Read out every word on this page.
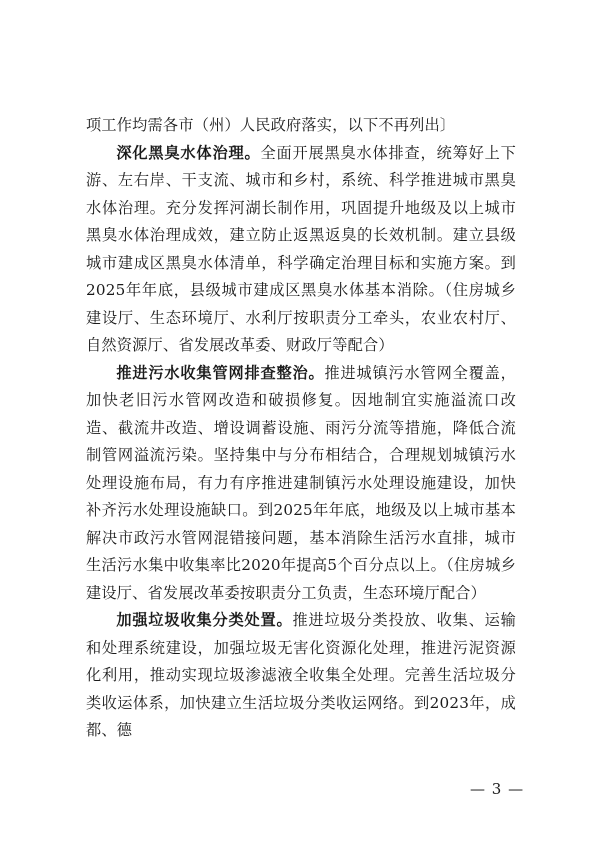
项工作均需各市（州）人民政府落实，以下不再列出〕

深化黑臭水体治理。全面开展黑臭水体排查，统筹好上下游、左右岸、干支流、城市和乡村，系统、科学推进城市黑臭水体治理。充分发挥河湖长制作用，巩固提升地级及以上城市黑臭水体治理成效，建立防止返黑返臭的长效机制。建立县级城市建成区黑臭水体清单，科学确定治理目标和实施方案。到2025年年底，县级城市建成区黑臭水体基本消除。（住房城乡建设厅、生态环境厅、水利厅按职责分工牵头，农业农村厅、自然资源厅、省发展改革委、财政厅等配合）

推进污水收集管网排查整治。推进城镇污水管网全覆盖，加快老旧污水管网改造和破损修复。因地制宜实施溢流口改造、截流井改造、增设调蓄设施、雨污分流等措施，降低合流制管网溢流污染。坚持集中与分布相结合，合理规划城镇污水处理设施布局，有力有序推进建制镇污水处理设施建设，加快补齐污水处理设施缺口。到2025年年底，地级及以上城市基本解决市政污水管网混错接问题，基本消除生活污水直排，城市生活污水集中收集率比2020年提高5个百分点以上。（住房城乡建设厅、省发展改革委按职责分工负责，生态环境厅配合）

加强垃圾收集分类处置。推进垃圾分类投放、收集、运输和处理系统建设，加强垃圾无害化资源化处理，推进污泥资源化利用，推动实现垃圾渗滤液全收集全处理。完善生活垃圾分类收运体系，加快建立生活垃圾分类收运网络。到2023年，成都、德

— 3 —
